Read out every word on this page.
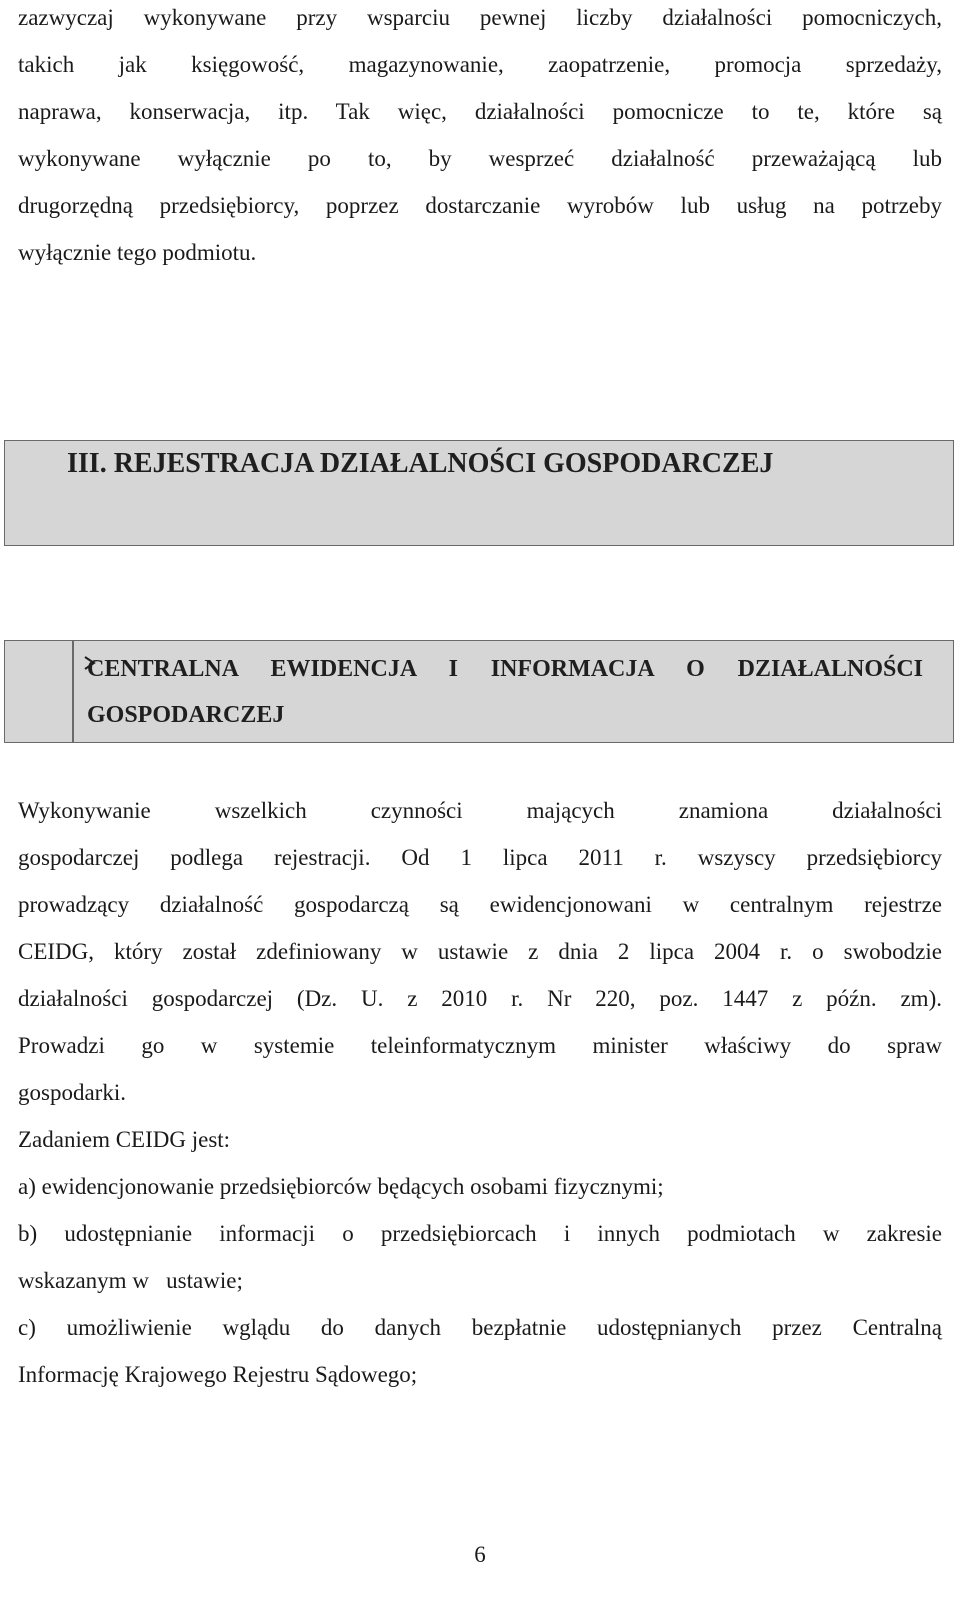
zazwyczaj wykonywane przy wsparciu pewnej liczby działalności pomocniczych,
takich jak księgowość, magazynowanie, zaopatrzenie, promocja sprzedaży,
naprawa, konserwacja, itp. Tak więc, działalności pomocnicze to te, które są
wykonywane wyłącznie po to, by wesprzeć działalność przeważającą lub
drugorzędną przedsiębiorcy, poprzez dostarczanie wyrobów lub usług na potrzeby
wyłącznie tego podmiotu.
III. REJESTRACJA DZIAŁALNOŚCI GOSPODARCZEJ
CENTRALNA EWIDENCJA I INFORMACJA O DZIAŁALNOŚCI
GOSPODARCZEJ
Wykonywanie wszelkich czynności mających znamiona działalności
gospodarczej podlega rejestracji. Od 1 lipca 2011 r. wszyscy przedsiębiorcy
prowadzący działalność gospodarczą są ewidencjonowani w centralnym rejestrze
CEIDG, który został zdefiniowany w ustawie z dnia 2 lipca 2004 r. o swobodzie
działalności gospodarczej (Dz. U. z 2010 r. Nr 220, poz. 1447 z późn. zm).
Prowadzi go w systemie teleinformatycznym minister właściwy do spraw
gospodarki.
Zadaniem CEIDG jest:
a) ewidencjonowanie przedsiębiorców będących osobami fizycznymi;
b) udostępnianie informacji o przedsiębiorcach i innych podmiotach w zakresie
wskazanym w   ustawie;
c) umożliwienie wglądu do danych bezpłatnie udostępnianych przez Centralną
Informację Krajowego Rejestru Sądowego;
6
